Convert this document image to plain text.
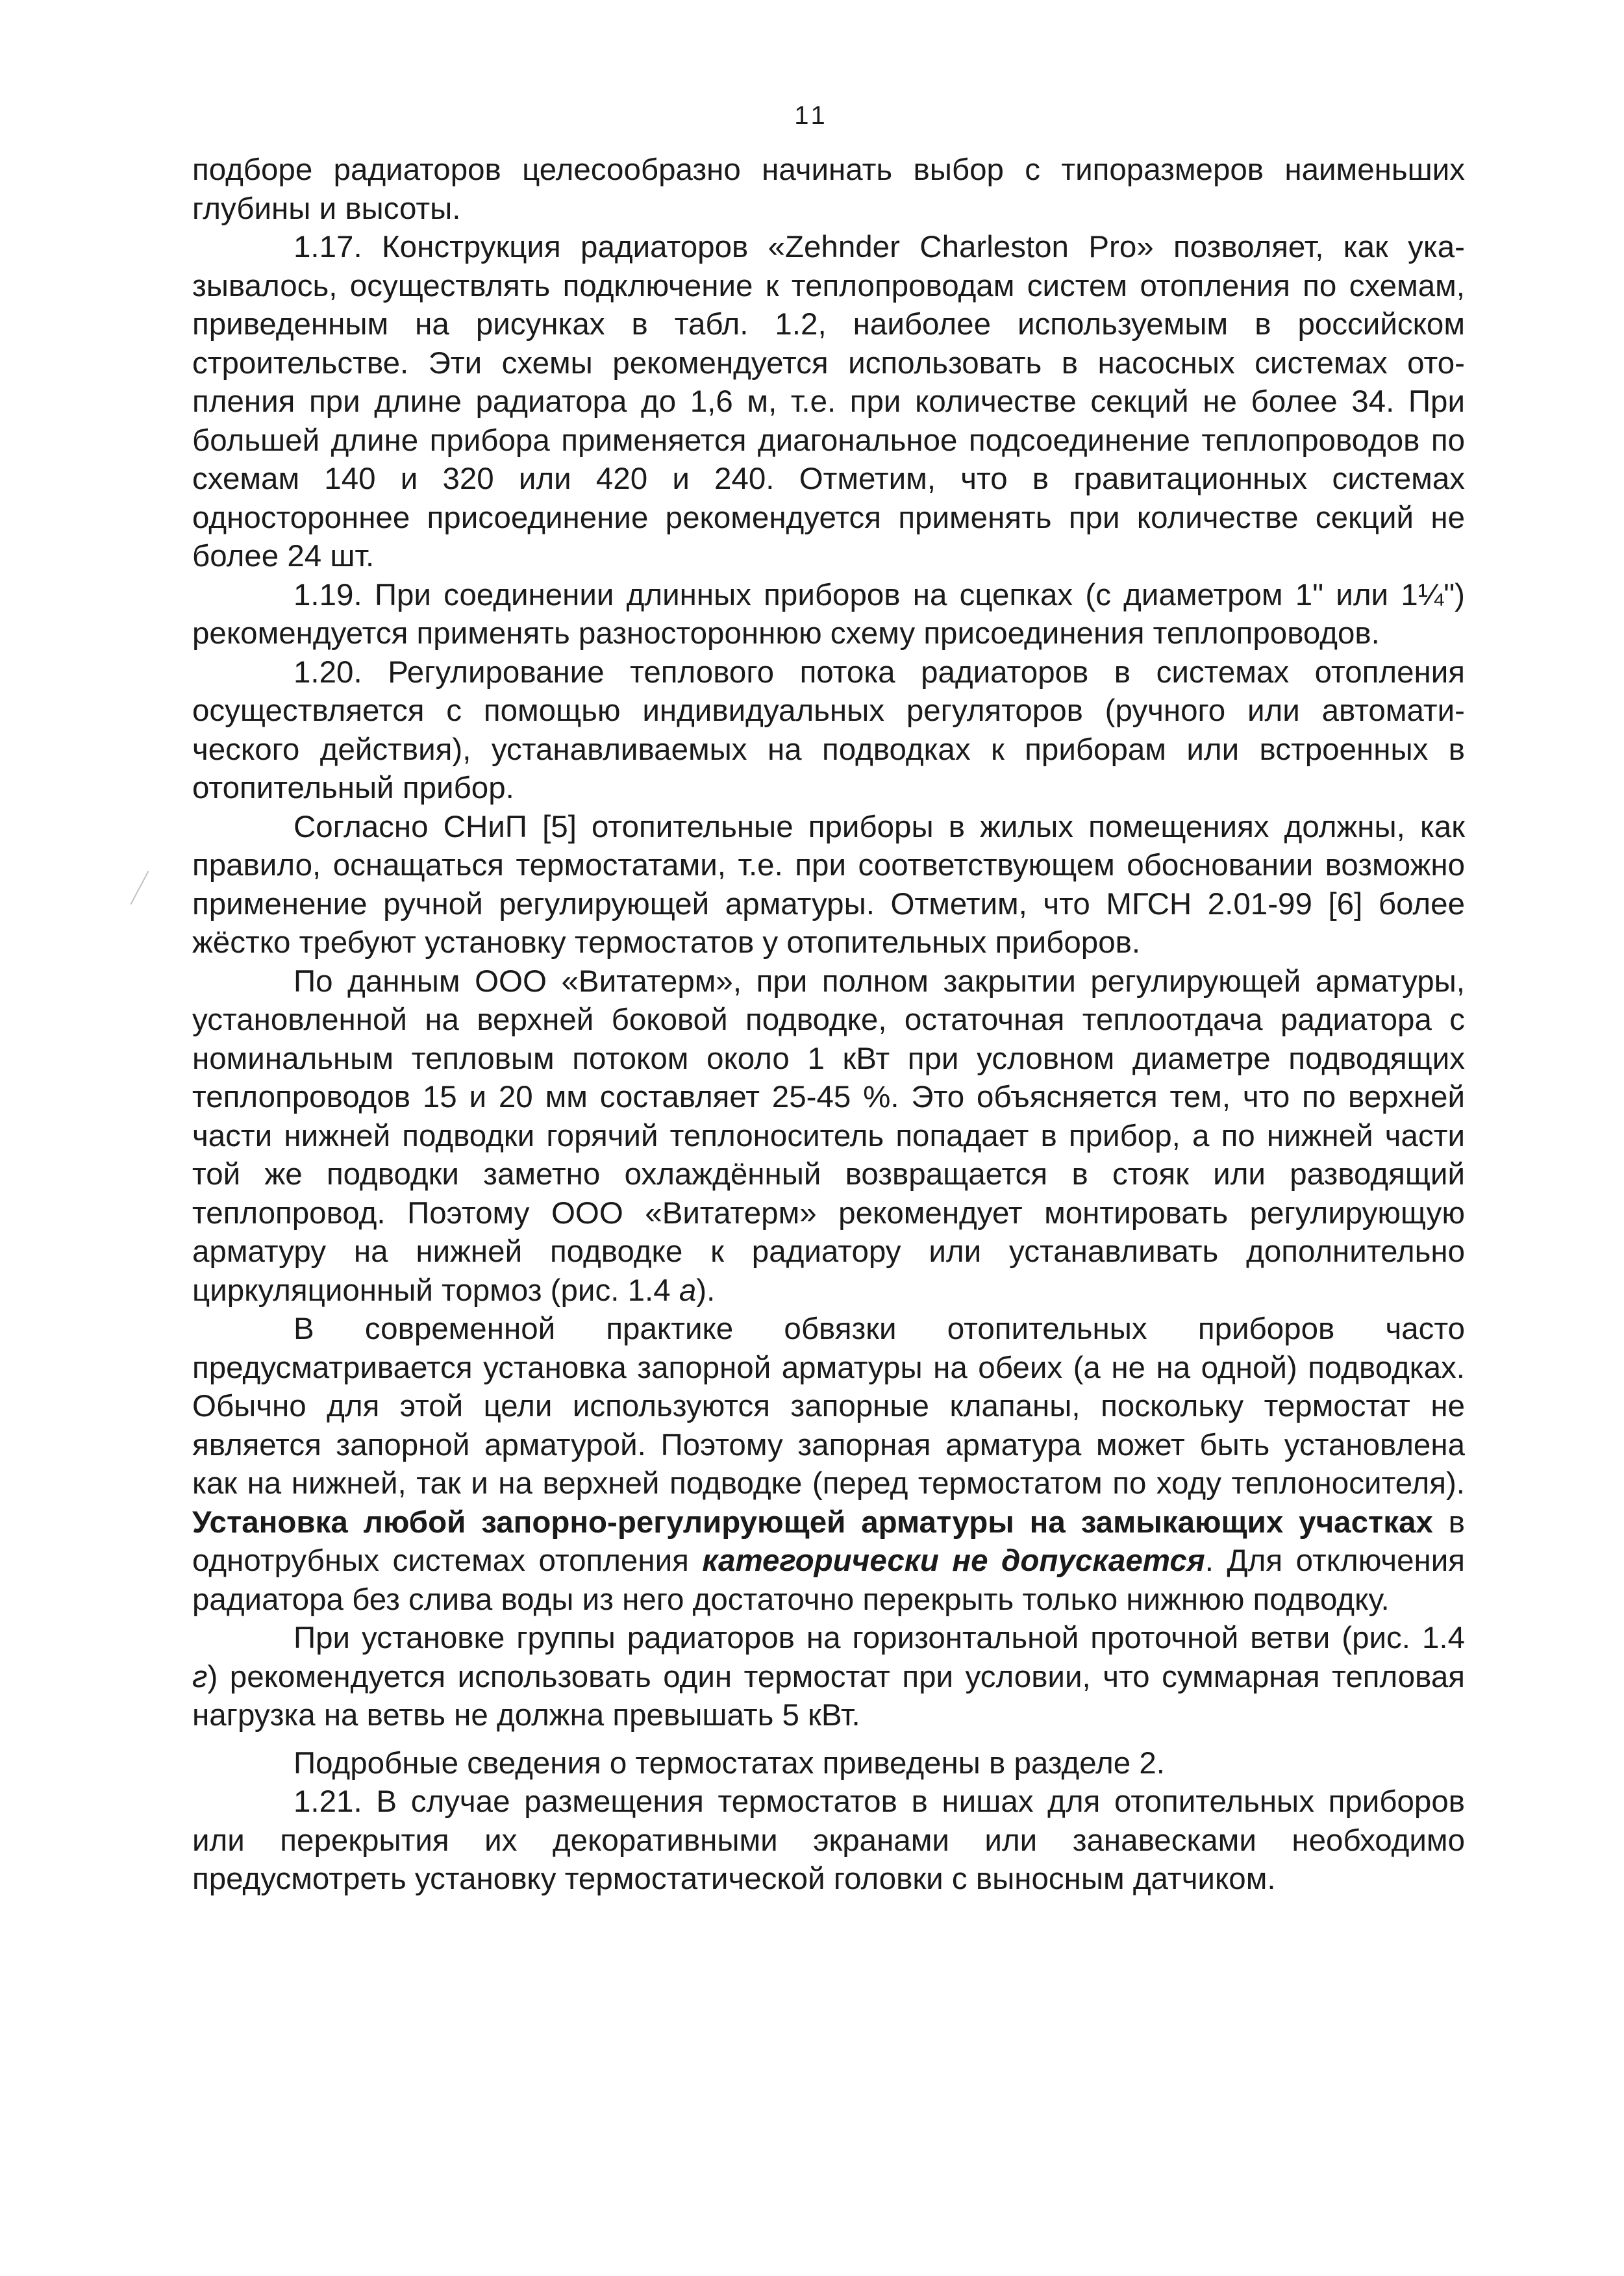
11

подборе радиаторов целесообразно начинать выбор с типоразмеров наименьших глубины и высоты.

1.17. Конструкция радиаторов «Zehnder Charleston Pro» позволяет, как указывалось, осуществлять подключение к теплопроводам систем отопления по схемам, приведенным на рисунках в табл. 1.2, наиболее используемым в российском строительстве. Эти схемы рекомендуется использовать в насосных системах отопления при длине радиатора до 1,6 м, т.е. при количестве секций не более 34. При большей длине прибора применяется диагональное подсоединение теплопроводов по схемам 140 и 320 или 420 и 240. Отметим, что в гравитационных системах одностороннее присоединение рекомендуется применять при количестве секций не более 24 шт.

1.19. При соединении длинных приборов на сцепках (с диаметром 1" или 1¼") рекомендуется применять разностороннюю схему присоединения теплопроводов.

1.20. Регулирование теплового потока радиаторов в системах отопления осуществляется с помощью индивидуальных регуляторов (ручного или автоматического действия), устанавливаемых на подводках к приборам или встроенных в отопительный прибор.

Согласно СНиП [5] отопительные приборы в жилых помещениях должны, как правило, оснащаться термостатами, т.е. при соответствующем обосновании возможно применение ручной регулирующей арматуры. Отметим, что МГСН 2.01-99 [6] более жёстко требуют установку термостатов у отопительных приборов.

По данным ООО «Витатерм», при полном закрытии регулирующей арматуры, установленной на верхней боковой подводке, остаточная теплоотдача радиатора с номинальным тепловым потоком около 1 кВт при условном диаметре подводящих теплопроводов 15 и 20 мм составляет 25-45 %. Это объясняется тем, что по верхней части нижней подводки горячий теплоноситель попадает в прибор, а по нижней части той же подводки заметно охлаждённый возвращается в стояк или разводящий теплопровод. Поэтому ООО «Витатерм» рекомендует монтировать регулирующую арматуру на нижней подводке к радиатору или устанавливать дополнительно циркуляционный тормоз (рис. 1.4 а).

В современной практике обвязки отопительных приборов часто предусматривается установка запорной арматуры на обеих (а не на одной) подводках. Обычно для этой цели используются запорные клапаны, поскольку термостат не является запорной арматурой. Поэтому запорная арматура может быть установлена как на нижней, так и на верхней подводке (перед термостатом по ходу теплоносителя). Установка любой запорно-регулирующей арматуры на замыкающих участках в однотрубных системах отопления категорически не допускается. Для отключения радиатора без слива воды из него достаточно перекрыть только нижнюю подводку.

При установке группы радиаторов на горизонтальной проточной ветви (рис. 1.4 г) рекомендуется использовать один термостат при условии, что суммарная тепловая нагрузка на ветвь не должна превышать 5 кВт.

Подробные сведения о термостатах приведены в разделе 2.

1.21. В случае размещения термостатов в нишах для отопительных приборов или перекрытия их декоративными экранами или занавесками необходимо предусмотреть установку термостатической головки с выносным датчиком.
